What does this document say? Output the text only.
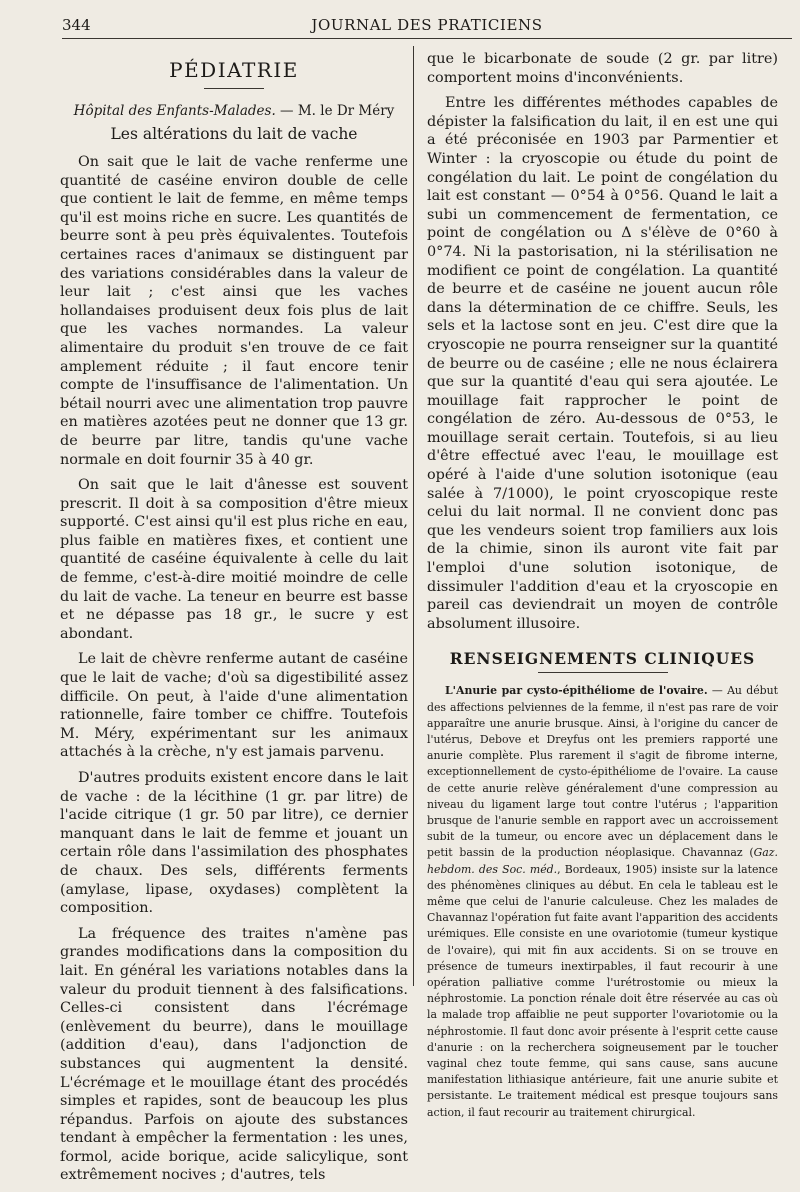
344	JOURNAL DES PRATICIENS
PÉDIATRIE
Hôpital des Enfants-Malades. — M. le Dr Méry
Les altérations du lait de vache

On sait que le lait de vache renferme une quantité de caséine environ double de celle que contient le lait de femme, en même temps qu'il est moins riche en sucre. Les quantités de beurre sont à peu près équivalentes. Toutefois certaines races d'animaux se distinguent par des variations considérables dans la valeur de leur lait ; c'est ainsi que les vaches hollandaises produisent deux fois plus de lait que les vaches normandes. La valeur alimentaire du produit s'en trouve de ce fait amplement réduite ; il faut encore tenir compte de l'insuffisance de l'alimentation. Un bétail nourri avec une alimentation trop pauvre en matières azotées peut ne donner que 13 gr. de beurre par litre, tandis qu'une vache normale en doit fournir 35 à 40 gr.

On sait que le lait d'ânesse est souvent prescrit. Il doit à sa composition d'être mieux supporté. C'est ainsi qu'il est plus riche en eau, plus faible en matières fixes, et contient une quantité de caséine équivalente à celle du lait de femme, c'est-à-dire moitié moindre de celle du lait de vache. La teneur en beurre est basse et ne dépasse pas 18 gr., le sucre y est abondant.

Le lait de chèvre renferme autant de caséine que le lait de vache; d'où sa digestibilité assez difficile. On peut, à l'aide d'une alimentation rationnelle, faire tomber ce chiffre. Toutefois M. Méry, expérimentant sur les animaux attachés à la crèche, n'y est jamais parvenu.

D'autres produits existent encore dans le lait de vache : de la lécithine (1 gr. par litre) de l'acide citrique (1 gr. 50 par litre), ce dernier manquant dans le lait de femme et jouant un certain rôle dans l'assimilation des phosphates de chaux. Des sels, différents ferments (amylase, lipase, oxydases) complètent la composition.

La fréquence des traites n'amène pas grandes modifications dans la composition du lait. En général les variations notables dans la valeur du produit tiennent à des falsifications. Celles-ci consistent dans l'écrémage (enlèvement du beurre), dans le mouillage (addition d'eau), dans l'adjonction de substances qui augmentent la densité. L'écrémage et le mouillage étant des procédés simples et rapides, sont de beaucoup les plus répandus. Parfois on ajoute des substances tendant à empêcher la fermentation : les unes, formol, acide borique, acide salicylique, sont extrêmement nocives ; d'autres, tels

que le bicarbonate de soude (2 gr. par litre) comportent moins d'inconvénients.

Entre les différentes méthodes capables de dépister la falsification du lait, il en est une qui a été préconisée en 1903 par Parmentier et Winter : la cryoscopie ou étude du point de congélation du lait. Le point de congélation du lait est constant — 0°54 à 0°56. Quand le lait a subi un commencement de fermentation, ce point de congélation ou Δ s'élève de 0°60 à 0°74. Ni la pastorisation, ni la stérilisation ne modifient ce point de congélation. La quantité de beurre et de caséine ne jouent aucun rôle dans la détermination de ce chiffre. Seuls, les sels et la lactose sont en jeu. C'est dire que la cryoscopie ne pourra renseigner sur la quantité de beurre ou de caséine ; elle ne nous éclairera que sur la quantité d'eau qui sera ajoutée. Le mouillage fait rapprocher le point de congélation de zéro. Au-dessous de 0°53, le mouillage serait certain. Toutefois, si au lieu d'être effectué avec l'eau, le mouillage est opéré à l'aide d'une solution isotonique (eau salée à 7/1000), le point cryoscopique reste celui du lait normal. Il ne convient donc pas que les vendeurs soient trop familiers aux lois de la chimie, sinon ils auront vite fait par l'emploi d'une solution isotonique, de dissimuler l'addition d'eau et la cryoscopie en pareil cas deviendrait un moyen de contrôle absolument illusoire.

RENSEIGNEMENTS CLINIQUES

L'Anurie par cysto-épithéliome de l'ovaire. — Au début des affections pelviennes de la femme, il n'est pas rare de voir apparaître une anurie brusque. Ainsi, à l'origine du cancer de l'utérus, Debove et Dreyfus ont les premiers rapporté une anurie complète. Plus rarement il s'agit de fibrome interne, exceptionnellement de cysto-épithéliome de l'ovaire. La cause de cette anurie relève généralement d'une compression au niveau du ligament large tout contre l'utérus ; l'apparition brusque de l'anurie semble en rapport avec un accroissement subit de la tumeur, ou encore avec un déplacement dans le petit bassin de la production néoplasique. Chavannaz (Gaz. hebdom. des Soc. méd., Bordeaux, 1905) insiste sur la latence des phénomènes cliniques au début. En cela le tableau est le même que celui de l'anurie calculeuse. Chez les malades de Chavannaz l'opération fut faite avant l'apparition des accidents urémiques. Elle consiste en une ovariotomie (tumeur kystique de l'ovaire), qui mit fin aux accidents. Si on se trouve en présence de tumeurs inextirpables, il faut recourir à une opération palliative comme l'urétrostomie ou mieux la néphrostomie. La ponction rénale doit être réservée au cas où la malade trop affaiblie ne peut supporter l'ovariotomie ou la néphrostomie. Il faut donc avoir présente à l'esprit cette cause d'anurie : on la recherchera soigneusement par le toucher vaginal chez toute femme, qui sans cause, sans aucune manifestation lithiasique antérieure, fait une anurie subite et persistante. Le traitement médical est presque toujours sans action, il faut recourir au traitement chirurgical.
